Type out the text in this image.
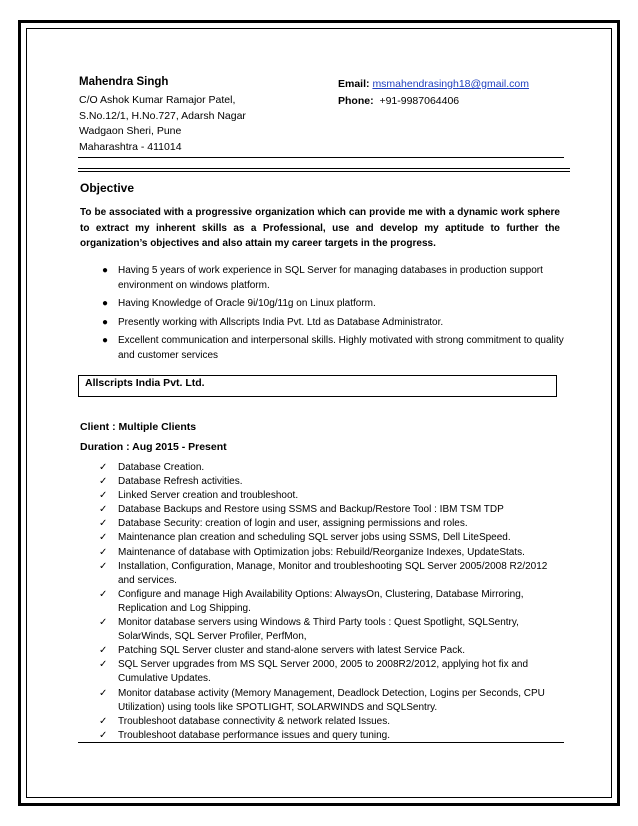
Mahendra Singh
C/O Ashok Kumar Ramajor Patel,
S.No.12/1, H.No.727, Adarsh Nagar
Wadgaon Sheri, Pune
Maharashtra - 411014
Email: msmahendrasingh18@gmail.com
Phone: +91-9987064406
Objective
To be associated with a progressive organization which can provide me with a dynamic work sphere to extract my inherent skills as a Professional, use and develop my aptitude to further the organization’s objectives and also attain my career targets in the progress.
● Having 5 years of work experience in SQL Server for managing databases in production support environment on windows platform.
● Having Knowledge of Oracle 9i/10g/11g on Linux platform.
● Presently working with Allscripts India Pvt. Ltd as Database Administrator.
● Excellent communication and interpersonal skills. Highly motivated with strong commitment to quality and customer services
Allscripts India Pvt. Ltd.
Client : Multiple Clients
Duration : Aug 2015 - Present
✓ Database Creation.
✓ Database Refresh activities.
✓ Linked Server creation and troubleshoot.
✓ Database Backups and Restore using SSMS and Backup/Restore Tool : IBM TSM TDP
✓ Database Security: creation of login and user, assigning permissions and roles.
✓ Maintenance plan creation and scheduling SQL server jobs using SSMS, Dell LiteSpeed.
✓ Maintenance of database with Optimization jobs: Rebuild/Reorganize Indexes, UpdateStats.
✓ Installation, Configuration, Manage, Monitor and troubleshooting SQL Server 2005/2008 R2/2012 and services.
✓ Configure and manage High Availability Options: AlwaysOn, Clustering, Database Mirroring, Replication and Log Shipping.
✓ Monitor database servers using Windows & Third Party tools : Quest Spotlight, SQLSentry, SolarWinds, SQL Server Profiler, PerfMon,
✓ Patching SQL Server cluster and stand-alone servers with latest Service Pack.
✓ SQL Server upgrades from MS SQL Server 2000, 2005 to 2008R2/2012, applying hot fix and Cumulative Updates.
✓ Monitor database activity (Memory Management, Deadlock Detection, Logins per Seconds, CPU Utilization) using tools like SPOTLIGHT, SOLARWINDS and SQLSentry.
✓ Troubleshoot database connectivity & network related Issues.
✓ Troubleshoot database performance issues and query tuning.
